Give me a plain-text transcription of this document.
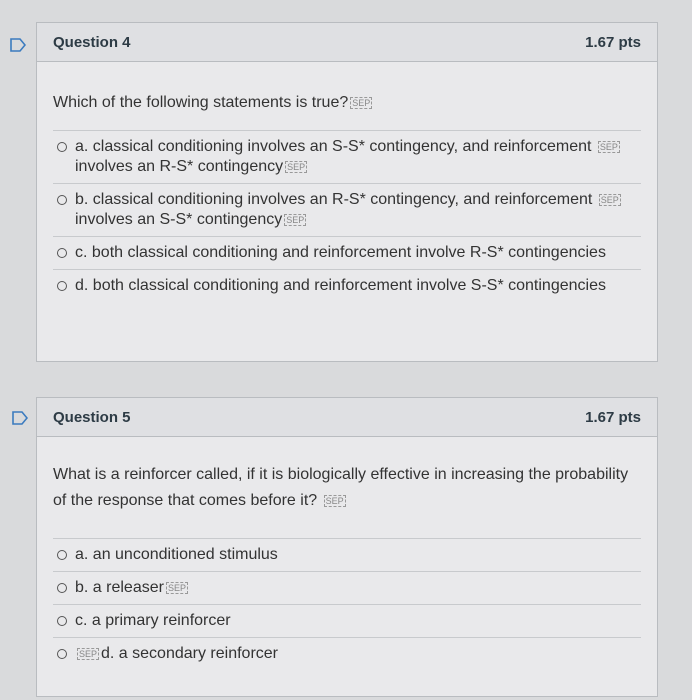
Question 4	1.67 pts
Which of the following statements is true? SEP
a. classical conditioning involves an S-S* contingency, and reinforcement SEPinvolves an R-S* contingency SEP
b. classical conditioning involves an R-S* contingency, and reinforcement SEPinvolves an S-S* contingency SEP
c. both classical conditioning and reinforcement involve R-S* contingencies
d. both classical conditioning and reinforcement involve S-S* contingencies
Question 5	1.67 pts
What is a reinforcer called, if it is biologically effective in increasing the probability of the response that comes before it? SEP
a. an unconditioned stimulus
b. a releaser SEP
c. a primary reinforcer
SEP d. a secondary reinforcer
